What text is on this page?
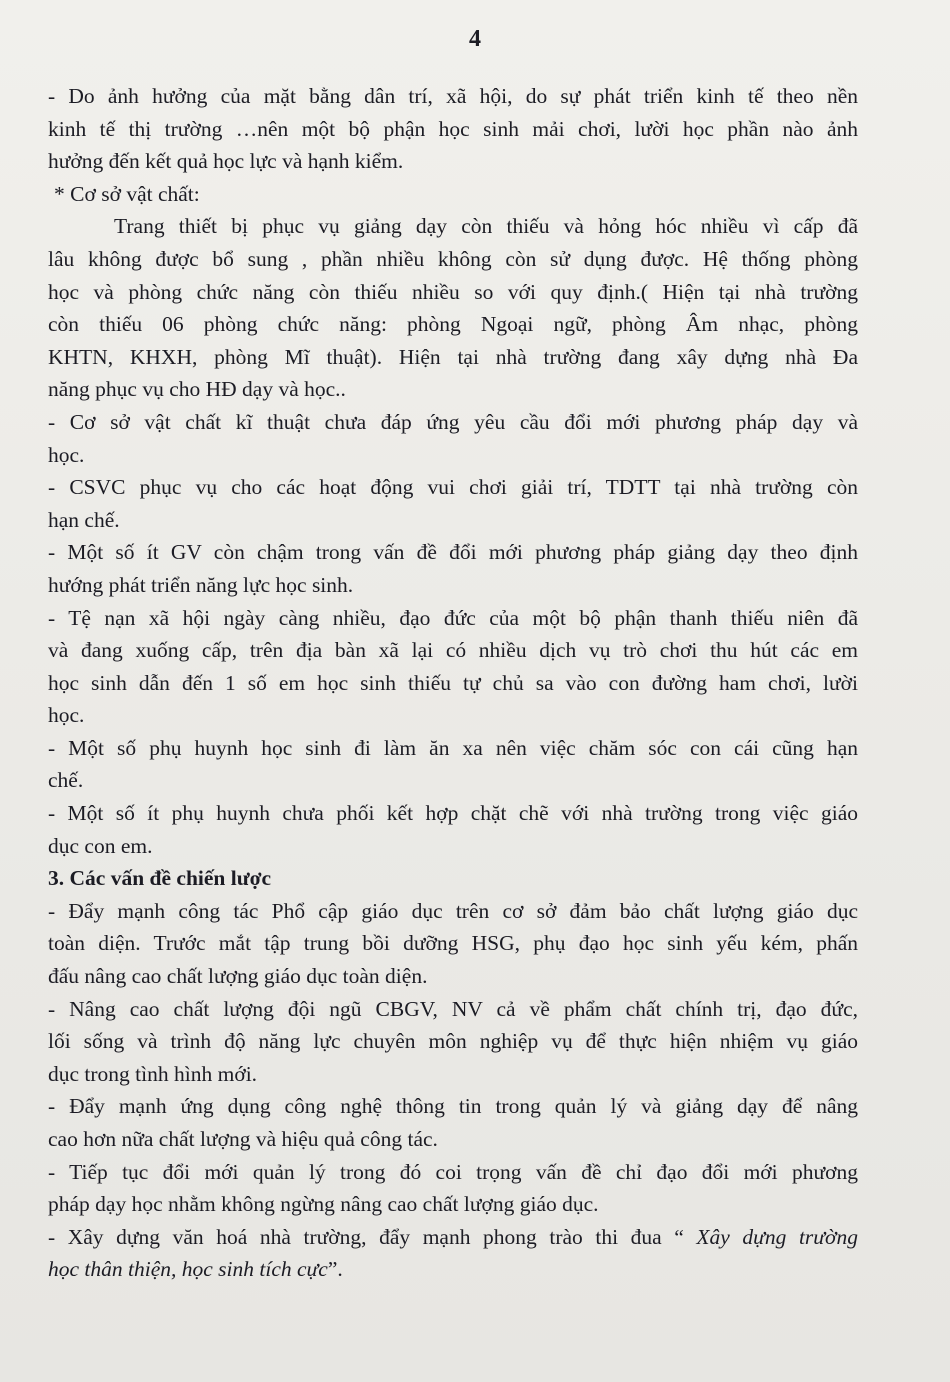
4
- Do ảnh hưởng của mặt bằng dân trí, xã hội, do sự phát triển kinh tế theo nền
kinh tế thị trường …nên một bộ phận học sinh mải chơi, lười học phần nào ảnh
hưởng đến kết quả học lực và hạnh kiểm.
* Cơ sở vật chất:
Trang thiết bị phục vụ giảng dạy còn thiếu và hỏng hóc nhiều vì cấp đã
lâu không được bổ sung , phần nhiều không còn sử dụng được. Hệ thống phòng
học và phòng chức năng còn thiếu nhiều so với quy định.( Hiện tại nhà trường
còn thiếu 06 phòng chức năng: phòng Ngoại ngữ, phòng Âm nhạc, phòng
KHTN, KHXH, phòng Mĩ thuật). Hiện tại nhà trường đang xây dựng nhà Đa
năng phục vụ cho HĐ dạy và học..
- Cơ sở vật chất kĩ thuật chưa đáp ứng yêu cầu đổi mới phương pháp dạy và
học.
- CSVC phục vụ cho các hoạt động vui chơi giải trí, TDTT tại nhà trường còn
hạn chế.
- Một số ít GV còn chậm trong vấn đề đổi mới phương pháp giảng dạy theo định
hướng phát triển năng lực học sinh.
- Tệ nạn xã hội ngày càng nhiều, đạo đức của một bộ phận thanh thiếu niên đã
và đang xuống cấp, trên địa bàn xã lại có nhiều dịch vụ trò chơi thu hút các em
học sinh dẫn đến 1 số em học sinh thiếu tự chủ sa vào con đường ham chơi, lười
học.
- Một số phụ huynh học sinh đi làm ăn xa nên việc chăm sóc con cái cũng hạn
chế.
- Một số ít phụ huynh chưa phối kết hợp chặt chẽ với nhà trường trong việc giáo
dục con em.
3. Các vấn đề chiến lược
- Đẩy mạnh công tác Phổ cập giáo dục trên cơ sở đảm bảo chất lượng giáo dục
toàn diện. Trước mắt tập trung bồi dưỡng HSG, phụ đạo học sinh yếu kém, phấn
đấu nâng cao chất lượng giáo dục toàn diện.
- Nâng cao chất lượng đội ngũ CBGV, NV cả về phẩm chất chính trị, đạo đức,
lối sống và trình độ năng lực chuyên môn nghiệp vụ để thực hiện nhiệm vụ giáo
dục trong tình hình mới.
- Đẩy mạnh ứng dụng công nghệ thông tin trong quản lý và giảng dạy để nâng
cao hơn nữa chất lượng và hiệu quả công tác.
- Tiếp tục đổi mới quản lý trong đó coi trọng vấn đề chỉ đạo đổi mới phương
pháp dạy học nhằm không ngừng nâng cao chất lượng giáo dục.
- Xây dựng văn hoá nhà trường, đẩy mạnh phong trào thi đua “ Xây dựng trường
học thân thiện, học sinh tích cực”.
